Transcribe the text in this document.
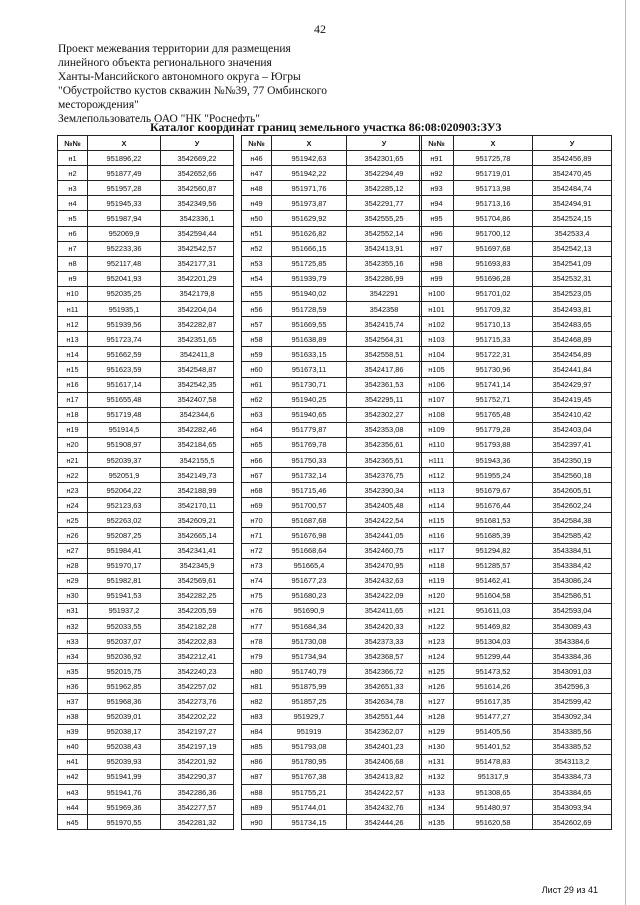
42
Проект межевания территории для размещения
линейного объекта регионального значения
Ханты-Мансийского автономного округа – Югры
"Обустройство кустов скважин №№39, 77 Омбинского
месторождения"
Землепользователь ОАО "НК "Роснефть"
Каталог координат границ земельного участка 86:08:020903:ЗУ3
№№	Х	У
н1	951896,22	3542669,22
н2	951877,49	3542652,66
н3	951957,28	3542560,87
н4	951945,33	3542349,56
н5	951987,94	3542336,1
н6	952069,9	3542594,44
н7	952233,36	3542542,57
н8	952117,48	3542177,31
н9	952041,93	3542201,29
н10	952035,25	3542179,8
н11	951935,1	3542204,04
н12	951939,56	3542282,87
н13	951723,74	3542351,65
н14	951662,59	3542411,8
н15	951623,59	3542548,87
н16	951617,14	3542542,35
н17	951655,48	3542407,58
н18	951719,48	3542344,6
н19	951914,5	3542282,46
н20	951908,97	3542184,65
н21	952039,37	3542155,5
н22	952051,9	3542149,73
н23	952064,22	3542188,99
н24	952123,63	3542170,11
н25	952263,02	3542609,21
н26	952087,25	3542665,14
н27	951984,41	3542341,41
н28	951970,17	3542345,9
н29	951982,81	3542569,61
н30	951941,53	3542282,25
н31	951937,2	3542205,59
н32	952033,55	3542182,28
н33	952037,07	3542202,83
н34	952036,92	3542212,41
н35	952015,75	3542240,23
н36	951962,85	3542257,02
н37	951968,36	3542273,76
н38	952039,01	3542202,22
н39	952038,17	3542197,27
н40	952038,43	3542197,19
н41	952039,93	3542201,92
н42	951941,99	3542290,37
н43	951941,76	3542286,36
н44	951969,36	3542277,57
н45	951970,55	3542281,32
№№	Х	У
н46	951942,63	3542301,65
н47	951942,22	3542294,49
н48	951971,76	3542285,12
н49	951973,87	3542291,77
н50	951629,92	3542555,25
н51	951626,82	3542552,14
н52	951666,15	3542413,91
н53	951725,85	3542355,16
н54	951939,79	3542286,99
н55	951940,02	3542291
н56	951728,59	3542358
н57	951669,55	3542415,74
н58	951638,89	3542564,31
н59	951633,15	3542558,51
н60	951673,11	3542417,86
н61	951730,71	3542361,53
н62	951940,25	3542295,11
н63	951940,65	3542302,27
н64	951779,87	3542353,08
н65	951769,78	3542356,61
н66	951750,33	3542365,51
н67	951732,14	3542376,75
н68	951715,46	3542390,34
н69	951700,57	3542405,48
н70	951687,68	3542422,54
н71	951676,98	3542441,05
н72	951668,64	3542460,75
н73	951665,4	3542470,95
н74	951677,23	3542432,63
н75	951680,23	3542422,09
н76	951690,9	3542411,65
н77	951684,34	3542420,33
н78	951730,08	3542373,33
н79	951734,94	3542368,57
н80	951740,79	3542366,72
н81	951875,99	3542651,33
н82	951857,25	3542634,78
н83	951929,7	3542551,44
н84	951919	3542362,07
н85	951793,08	3542401,23
н86	951780,95	3542406,68
н87	951767,38	3542413,82
н88	951755,21	3542422,57
н89	951744,01	3542432,76
н90	951734,15	3542444,26
№№	Х	У
н91	951725,78	3542456,89
н92	951719,01	3542470,45
н93	951713,98	3542484,74
н94	951713,16	3542494,91
н95	951704,86	3542524,15
н96	951700,12	3542533,4
н97	951697,68	3542542,13
н98	951693,83	3542541,09
н99	951696,28	3542532,31
н100	951701,02	3542523,05
н101	951709,32	3542493,81
н102	951710,13	3542483,65
н103	951715,33	3542468,89
н104	951722,31	3542454,89
н105	951730,96	3542441,84
н106	951741,14	3542429,97
н107	951752,71	3542419,45
н108	951765,48	3542410,42
н109	951779,28	3542403,04
н110	951793,88	3542397,41
н111	951943,36	3542350,19
н112	951955,24	3542560,18
н113	951679,67	3542605,51
н114	951676,44	3542602,24
н115	951681,53	3542584,38
н116	951685,39	3542585,42
н117	951294,82	3543384,51
н118	951285,57	3543384,42
н119	951462,41	3543086,24
н120	951604,58	3542586,51
н121	951611,03	3542593,04
н122	951469,82	3543089,43
н123	951304,03	3543384,6
н124	951299,44	3543384,36
н125	951473,52	3543091,03
н126	951614,26	3542596,3
н127	951617,35	3542599,42
н128	951477,27	3543092,34
н129	951405,56	3543385,56
н130	951401,52	3543385,52
н131	951478,83	3543113,2
н132	951317,9	3543384,73
н133	951308,65	3543384,65
н134	951480,97	3543093,94
н135	951620,58	3542602,69
Лист 29 из 41
